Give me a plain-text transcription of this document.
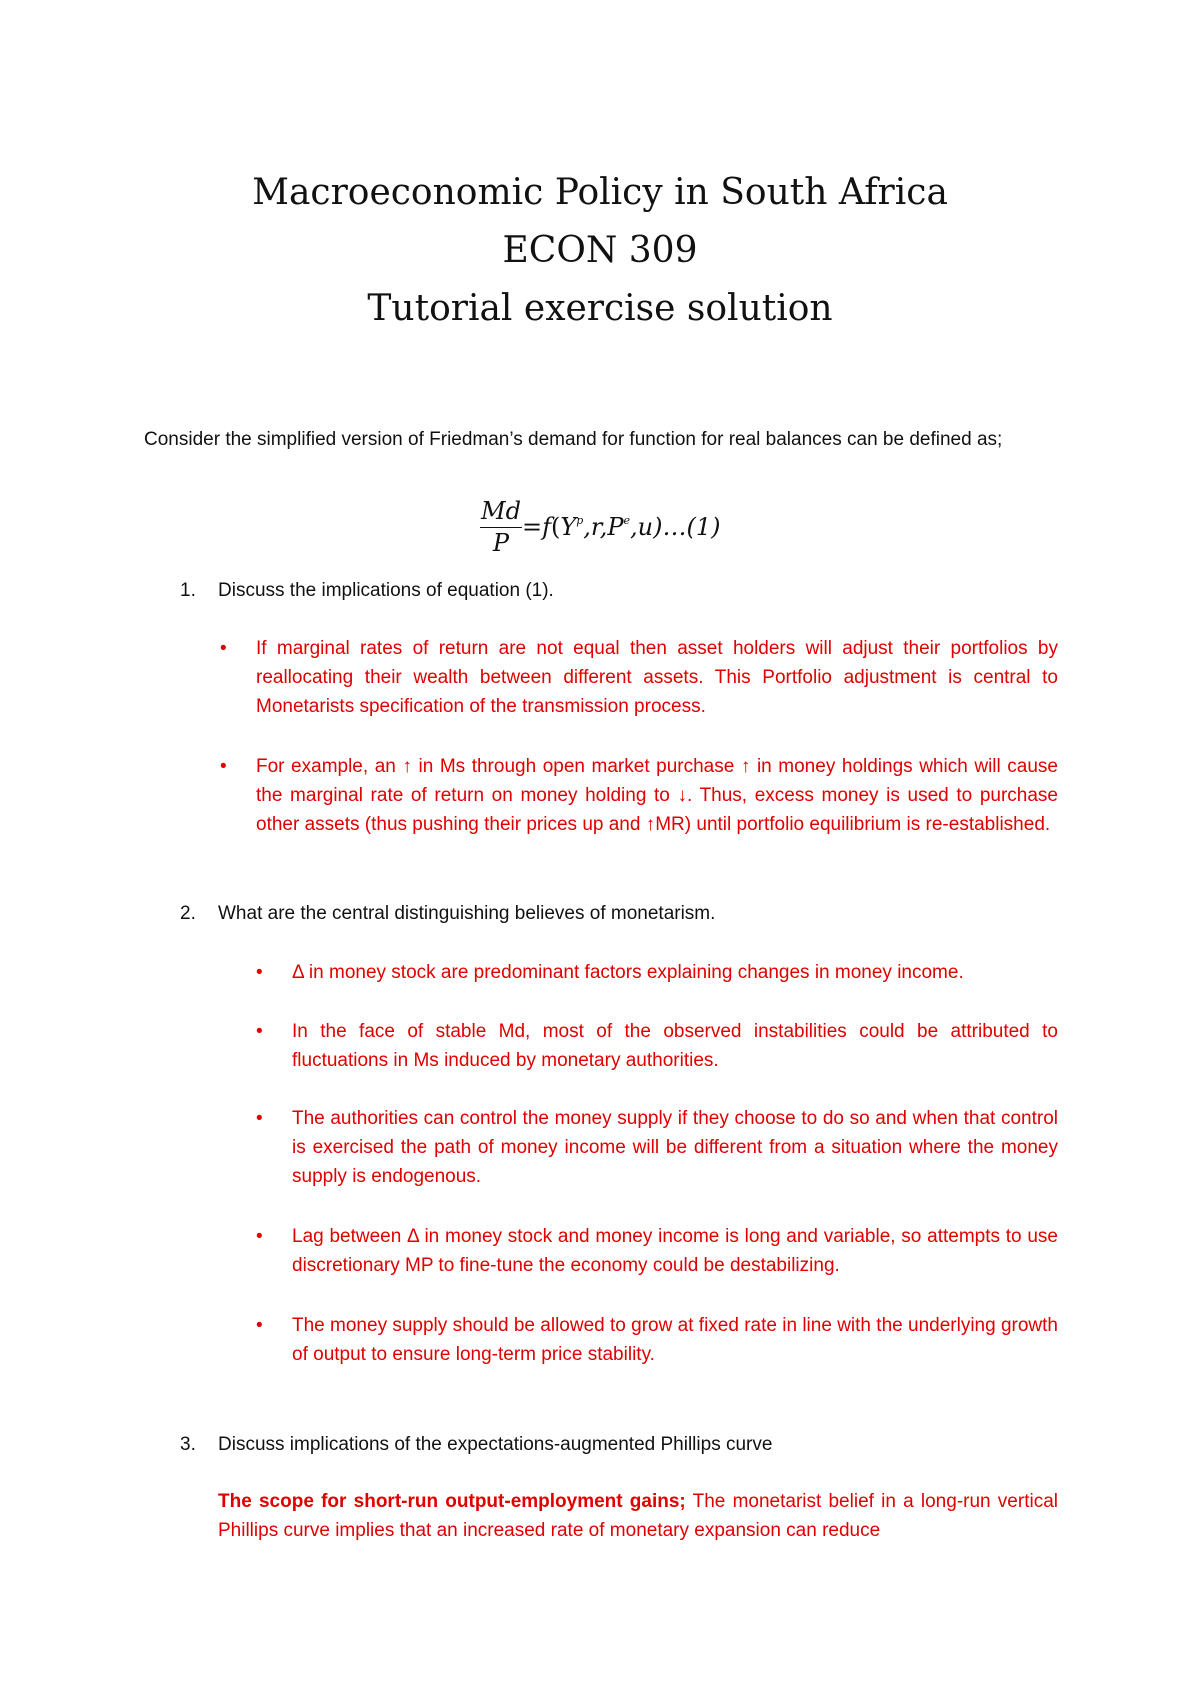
Macroeconomic Policy in South Africa
ECON 309
Tutorial exercise solution
Consider the simplified version of Friedman’s demand for function for real balances can be defined as;
Md
P
$=f(Y^p,r,P^e,u)\dots(1)$
1. Discuss the implications of equation (1).
• If marginal rates of return are not equal then asset holders will adjust their portfolios by reallocating their wealth between different assets. This Portfolio adjustment is central to Monetarists specification of the transmission process.
• For example, an ↑ in Ms through open market purchase ↑ in money holdings which will cause the marginal rate of return on money holding to ↓. Thus, excess money is used to purchase other assets (thus pushing their prices up and ↑MR) until portfolio equilibrium is re-established.
2. What are the central distinguishing believes of monetarism.
• Δ in money stock are predominant factors explaining changes in money income.
• In the face of stable Md, most of the observed instabilities could be attributed to fluctuations in Ms induced by monetary authorities.
• The authorities can control the money supply if they choose to do so and when that control is exercised the path of money income will be different from a situation where the money supply is endogenous.
• Lag between Δ in money stock and money income is long and variable, so attempts to use discretionary MP to fine-tune the economy could be destabilizing.
• The money supply should be allowed to grow at fixed rate in line with the underlying growth of output to ensure long-term price stability.
3. Discuss implications of the expectations-augmented Phillips curve
The scope for short-run output-employment gains; The monetarist belief in a long-run vertical Phillips curve implies that an increased rate of monetary expansion can reduce
